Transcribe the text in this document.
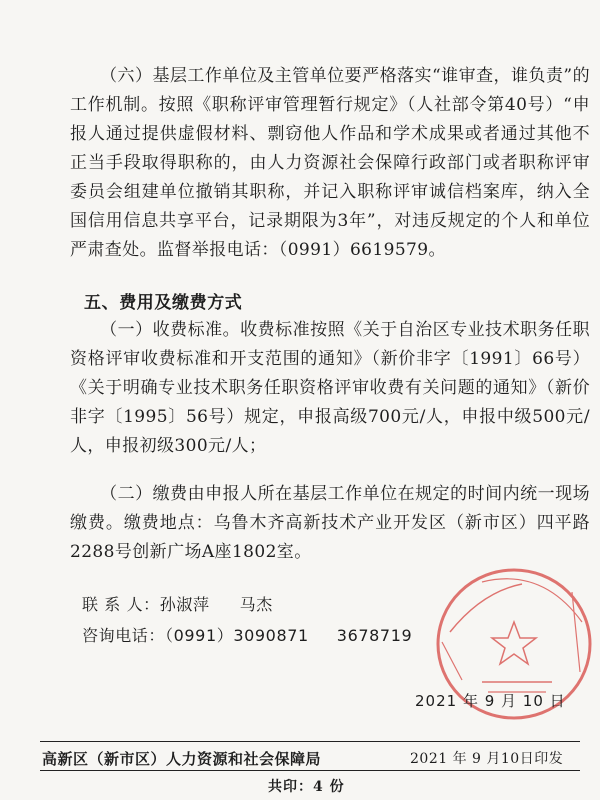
（六）基层工作单位及主管单位要严格落实“谁审查，谁负责”的工作机制。按照《职称评审管理暂行规定》（人社部令第40号）“申报人通过提供虚假材料、剽窃他人作品和学术成果或者通过其他不正当手段取得职称的，由人力资源社会保障行政部门或者职称评审委员会组建单位撤销其职称，并记入职称评审诚信档案库，纳入全国信用信息共享平台，记录期限为3年”，对违反规定的个人和单位严肃查处。监督举报电话：（0991）6619579。

五、费用及缴费方式

（一）收费标准。收费标准按照《关于自治区专业技术职务任职资格评审收费标准和开支范围的通知》（新价非字〔1991〕66号）《关于明确专业技术职务任职资格评审收费有关问题的通知》（新价非字〔1995〕56号）规定，申报高级700元/人，申报中级500元/人，申报初级300元/人；

（二）缴费由申报人所在基层工作单位在规定的时间内统一现场缴费。缴费地点：乌鲁木齐高新技术产业开发区（新市区）四平路2288号创新广场A座1802室。

联 系 人：孙淑萍 马杰
咨询电话：（0991）3090871 3678719
2021 年 9 月 10 日
高新区（新市区）人力资源和社会保障局	2021 年 9 月10日印发
共印：4 份
